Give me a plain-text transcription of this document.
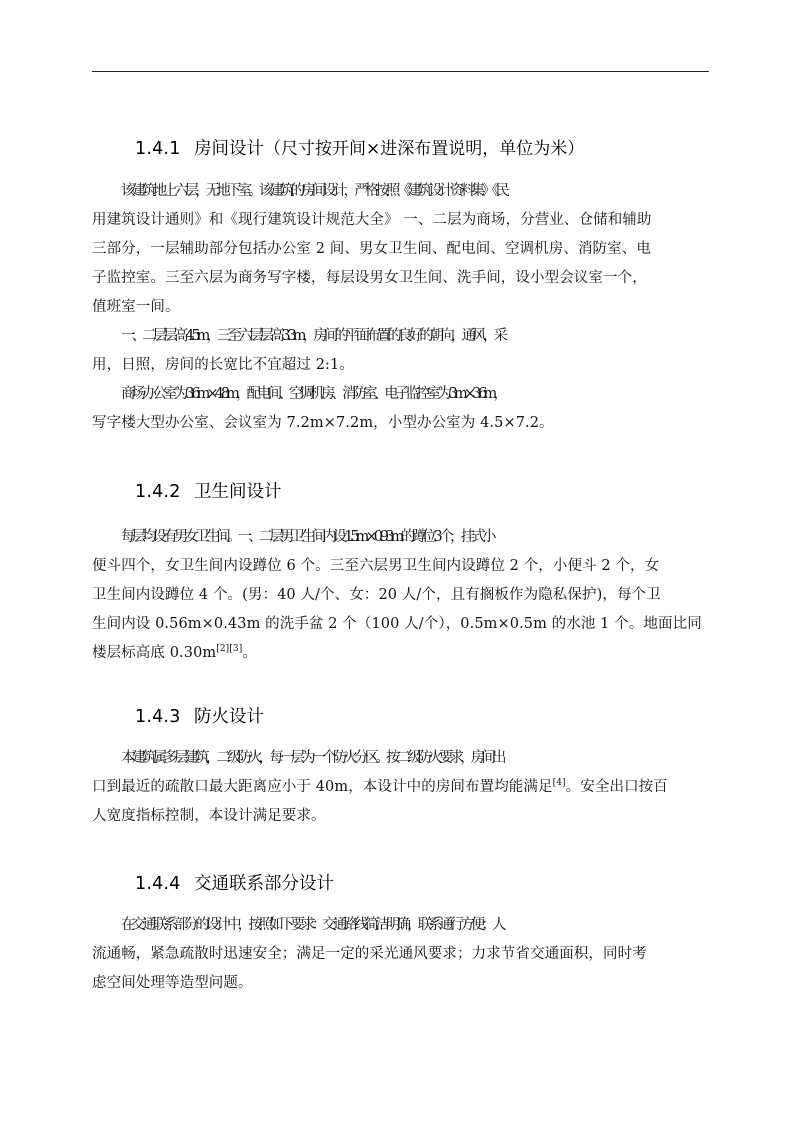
1.4.1 房间设计（尺寸按开间×进深布置说明，单位为米）
该建筑地上六层，无地下室。该建筑的房间设计，严格按照《建筑设计资料集》《民
用建筑设计通则》和《现行建筑设计规范大全》 一、二层为商场，分营业、仓储和辅助
三部分，一层辅助部分包括办公室 2 间、男女卫生间、配电间、空调机房、消防室、电
子监控室。三至六层为商务写字楼，每层设男女卫生间、洗手间，设小型会议室一个，
值班室一间。
一、二层层高 4.5m，三至六层层高 3.3m，房间的平面布置的良好的朝向，通风，采
用，日照，房间的长宽比不宜超过 2:1。
商场办公室为 3.6m×4.8m，配电间、空调机房、消防室、电子监控室为 3m×3.6m，
写字楼大型办公室、会议室为 7.2m×7.2m，小型办公室为 4.5×7.2。
1.4.2 卫生间设计
每层均设有男女卫生间。一、二层男卫生间内设 1.5m×0.93m 的蹲位 3 个，挂式小
便斗四个，女卫生间内设蹲位 6 个。三至六层男卫生间内设蹲位 2 个，小便斗 2 个，女
卫生间内设蹲位 4 个。(男：40 人/个、女：20 人/个，且有搁板作为隐私保护)，每个卫
生间内设 0.56m×0.43m 的洗手盆 2 个（100 人/个），0.5m×0.5m 的水池 1 个。地面比同
楼层标高底 0.30m[2][3]。
1.4.3 防火设计
本建筑属多层建筑，二级防火，每一层为一个防火分区。按二级防火要求，房间出
口到最近的疏散口最大距离应小于 40m，本设计中的房间布置均能满足[4]。安全出口按百
人宽度指标控制，本设计满足要求。
1.4.4 交通联系部分设计
在交通联系部分的设计中，按照如下要求：交通路线简洁明确，联系通行方便；人
流通畅，紧急疏散时迅速安全；满足一定的采光通风要求；力求节省交通面积，同时考
虑空间处理等造型问题。
